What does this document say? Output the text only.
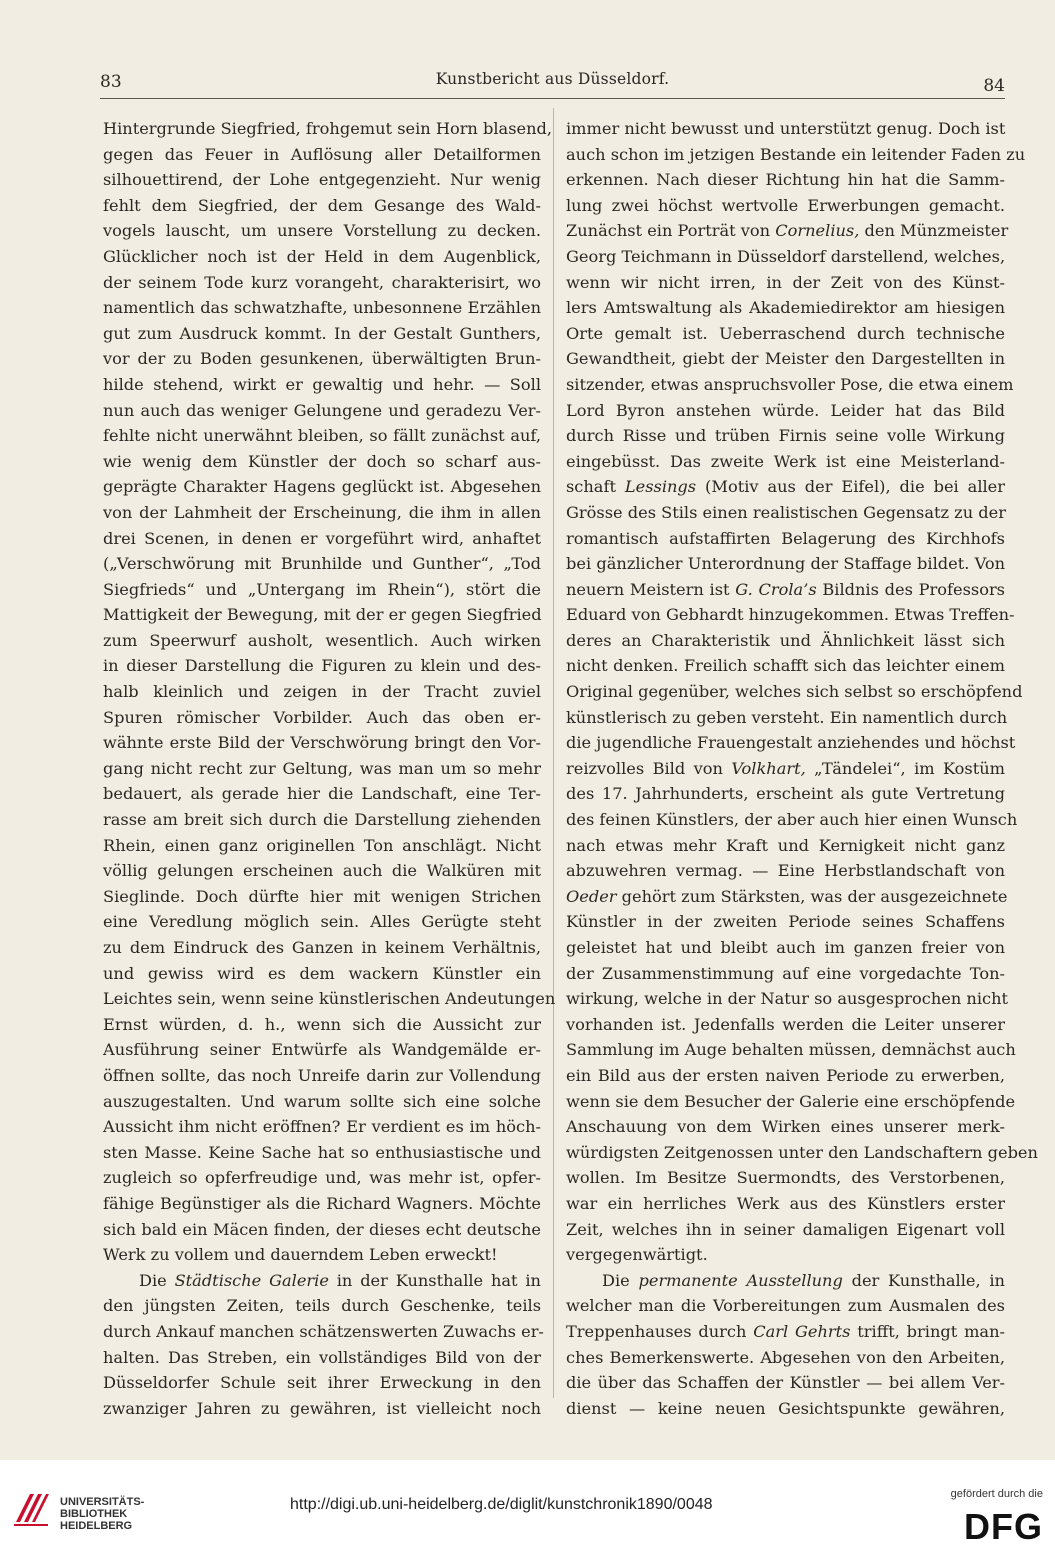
83	Kunstbericht aus Düsseldorf.	84
Hintergrunde Siegfried, frohgemut sein Horn blasend,
gegen das Feuer in Auflösung aller Detailformen
silhouettirend, der Lohe entgegenzieht. Nur wenig
fehlt dem Siegfried, der dem Gesange des Wald-
vogels lauscht, um unsere Vorstellung zu decken.
Glücklicher noch ist der Held in dem Augenblick,
der seinem Tode kurz vorangeht, charakterisirt, wo
namentlich das schwatzhafte, unbesonnene Erzählen
gut zum Ausdruck kommt. In der Gestalt Gunthers,
vor der zu Boden gesunkenen, überwältigten Brun-
hilde stehend, wirkt er gewaltig und hehr. — Soll
nun auch das weniger Gelungene und geradezu Ver-
fehlte nicht unerwähnt bleiben, so fällt zunächst auf,
wie wenig dem Künstler der doch so scharf aus-
geprägte Charakter Hagens geglückt ist. Abgesehen
von der Lahmheit der Erscheinung, die ihm in allen
drei Scenen, in denen er vorgeführt wird, anhaftet
(„Verschwörung mit Brunhilde und Gunther“, „Tod
Siegfrieds“ und „Untergang im Rhein“), stört die
Mattigkeit der Bewegung, mit der er gegen Siegfried
zum Speerwurf ausholt, wesentlich. Auch wirken
in dieser Darstellung die Figuren zu klein und des-
halb kleinlich und zeigen in der Tracht zuviel
Spuren römischer Vorbilder. Auch das oben er-
wähnte erste Bild der Verschwörung bringt den Vor-
gang nicht recht zur Geltung, was man um so mehr
bedauert, als gerade hier die Landschaft, eine Ter-
rasse am breit sich durch die Darstellung ziehenden
Rhein, einen ganz originellen Ton anschlägt. Nicht
völlig gelungen erscheinen auch die Walküren mit
Sieglinde. Doch dürfte hier mit wenigen Strichen
eine Veredlung möglich sein. Alles Gerügte steht
zu dem Eindruck des Ganzen in keinem Verhältnis,
und gewiss wird es dem wackern Künstler ein
Leichtes sein, wenn seine künstlerischen Andeutungen
Ernst würden, d. h., wenn sich die Aussicht zur
Ausführung seiner Entwürfe als Wandgemälde er-
öffnen sollte, das noch Unreife darin zur Vollendung
auszugestalten. Und warum sollte sich eine solche
Aussicht ihm nicht eröffnen? Er verdient es im höch-
sten Masse. Keine Sache hat so enthusiastische und
zugleich so opferfreudige und, was mehr ist, opfer-
fähige Begünstiger als die Richard Wagners. Möchte
sich bald ein Mäcen finden, der dieses echt deutsche
Werk zu vollem und dauerndem Leben erweckt!
Die Städtische Galerie in der Kunsthalle hat in
den jüngsten Zeiten, teils durch Geschenke, teils
durch Ankauf manchen schätzenswerten Zuwachs er-
halten. Das Streben, ein vollständiges Bild von der
Düsseldorfer Schule seit ihrer Erweckung in den
zwanziger Jahren zu gewähren, ist vielleicht noch
immer nicht bewusst und unterstützt genug. Doch ist
auch schon im jetzigen Bestande ein leitender Faden zu
erkennen. Nach dieser Richtung hin hat die Samm-
lung zwei höchst wertvolle Erwerbungen gemacht.
Zunächst ein Porträt von Cornelius, den Münzmeister
Georg Teichmann in Düsseldorf darstellend, welches,
wenn wir nicht irren, in der Zeit von des Künst-
lers Amtswaltung als Akademiedirektor am hiesigen
Orte gemalt ist. Ueberraschend durch technische
Gewandtheit, giebt der Meister den Dargestellten in
sitzender, etwas anspruchsvoller Pose, die etwa einem
Lord Byron anstehen würde. Leider hat das Bild
durch Risse und trüben Firnis seine volle Wirkung
eingebüsst. Das zweite Werk ist eine Meisterland-
schaft Lessings (Motiv aus der Eifel), die bei aller
Grösse des Stils einen realistischen Gegensatz zu der
romantisch aufstaffirten Belagerung des Kirchhofs
bei gänzlicher Unterordnung der Staffage bildet. Von
neuern Meistern ist G. Crola’s Bildnis des Professors
Eduard von Gebhardt hinzugekommen. Etwas Treffen-
deres an Charakteristik und Ähnlichkeit lässt sich
nicht denken. Freilich schafft sich das leichter einem
Original gegenüber, welches sich selbst so erschöpfend
künstlerisch zu geben versteht. Ein namentlich durch
die jugendliche Frauengestalt anziehendes und höchst
reizvolles Bild von Volkhart, „Tändelei“, im Kostüm
des 17. Jahrhunderts, erscheint als gute Vertretung
des feinen Künstlers, der aber auch hier einen Wunsch
nach etwas mehr Kraft und Kernigkeit nicht ganz
abzuwehren vermag. — Eine Herbstlandschaft von
Oeder gehört zum Stärksten, was der ausgezeichnete
Künstler in der zweiten Periode seines Schaffens
geleistet hat und bleibt auch im ganzen freier von
der Zusammenstimmung auf eine vorgedachte Ton-
wirkung, welche in der Natur so ausgesprochen nicht
vorhanden ist. Jedenfalls werden die Leiter unserer
Sammlung im Auge behalten müssen, demnächst auch
ein Bild aus der ersten naiven Periode zu erwerben,
wenn sie dem Besucher der Galerie eine erschöpfende
Anschauung von dem Wirken eines unserer merk-
würdigsten Zeitgenossen unter den Landschaftern geben
wollen. Im Besitze Suermondts, des Verstorbenen,
war ein herrliches Werk aus des Künstlers erster
Zeit, welches ihn in seiner damaligen Eigenart voll
vergegenwärtigt.
Die permanente Ausstellung der Kunsthalle, in
welcher man die Vorbereitungen zum Ausmalen des
Treppenhauses durch Carl Gehrts trifft, bringt man-
ches Bemerkenswerte. Abgesehen von den Arbeiten,
die über das Schaffen der Künstler — bei allem Ver-
dienst — keine neuen Gesichtspunkte gewähren,
UNIVERSITÄTS-
BIBLIOTHEK
HEIDELBERG
http://digi.ub.uni-heidelberg.de/diglit/kunstchronik1890/0048
gefördert durch die
DFG
